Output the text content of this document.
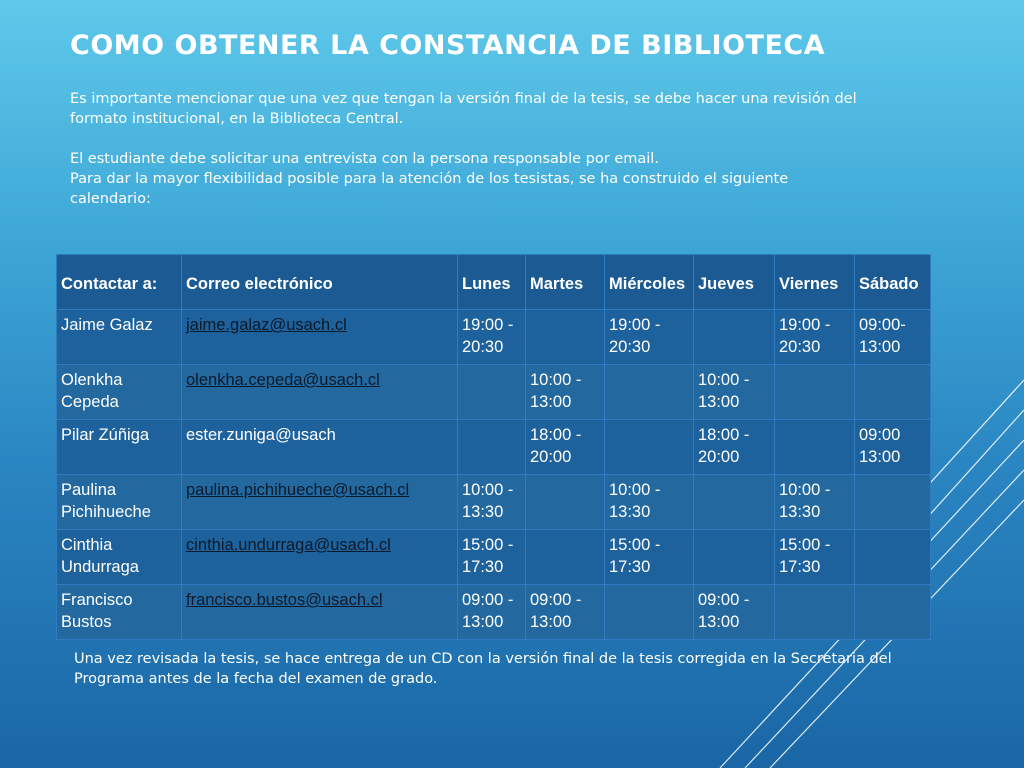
COMO OBTENER LA CONSTANCIA DE BIBLIOTECA

Es importante mencionar que una vez que tengan la versión final de la tesis, se debe hacer una revisión del formato institucional, en la Biblioteca Central.

El estudiante debe solicitar una entrevista con la persona responsable por email.

Para dar la mayor flexibilidad posible para la atención de los tesistas, se ha construido el siguiente calendario:

Contactar a:	Correo electrónico	Lunes	Martes	Miércoles	Jueves	Viernes	Sábado
Jaime Galaz	jaime.galaz@usach.cl	19:00 - 20:30		19:00 - 20:30		19:00 - 20:30	09:00-13:00
Olenkha Cepeda	olenkha.cepeda@usach.cl		10:00 - 13:00		10:00 - 13:00		
Pilar Zúñiga	ester.zuniga@usach		18:00 - 20:00		18:00 - 20:00		09:00 13:00
Paulina Pichihueche	paulina.pichihueche@usach.cl	10:00 - 13:30		10:00 - 13:30		10:00 - 13:30	
Cinthia Undurraga	cinthia.undurraga@usach.cl	15:00 - 17:30		15:00 - 17:30		15:00 - 17:30	
Francisco Bustos	francisco.bustos@usach.cl	09:00 - 13:00	09:00 - 13:00		09:00 - 13:00		
Una vez revisada la tesis, se hace entrega de un CD con la versión final de la tesis corregida en la Secretaria del Programa antes de la fecha del examen de grado.
